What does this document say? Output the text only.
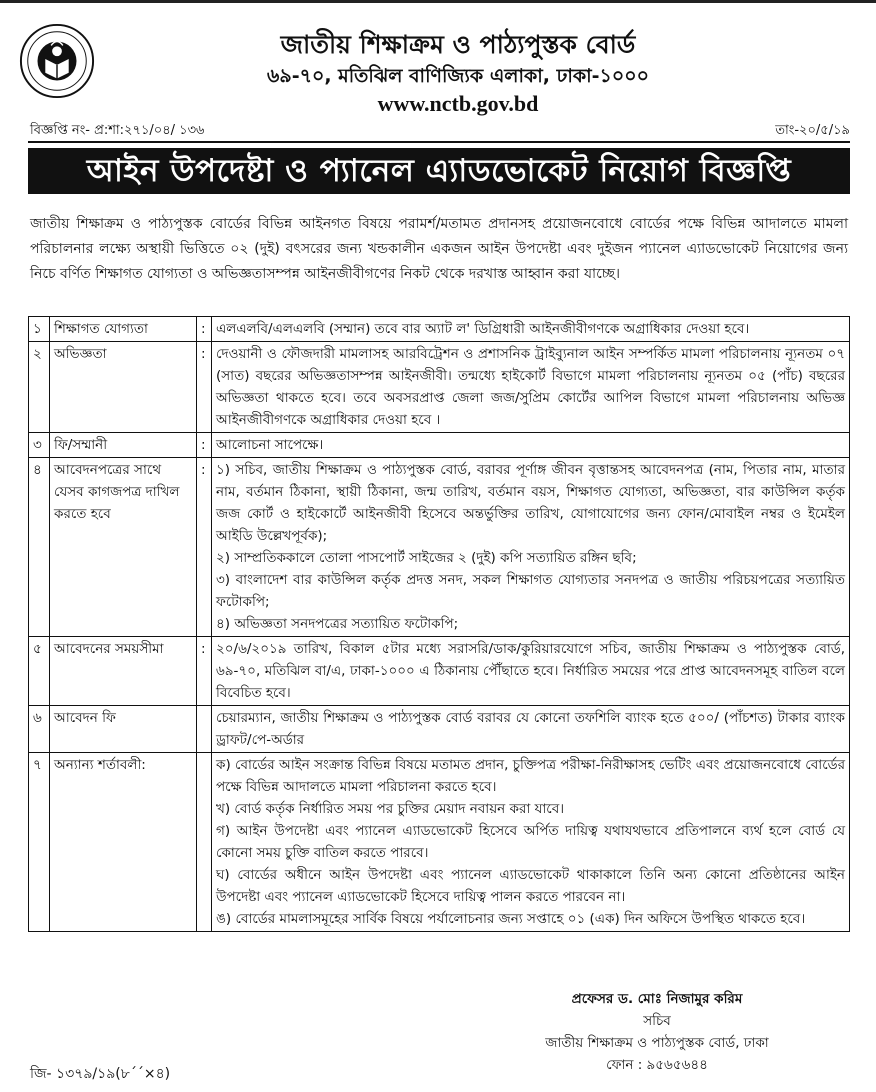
জাতীয় শিক্ষাক্রম ও পাঠ্যপুস্তক বোর্ড
৬৯-৭০, মতিঝিল বাণিজ্যিক এলাকা, ঢাকা-১০০০
www.nctb.gov.bd
বিজ্ঞপ্তি নং- প্র:শা:২৭১/০৪/ ১৩৬	তাং-২০/৫/১৯
আইন উপদেষ্টা ও প্যানেল এ্যাডভোকেট নিয়োগ বিজ্ঞপ্তি
জাতীয় শিক্ষাক্রম ও পাঠ্যপুস্তক বোর্ডের বিভিন্ন আইনগত বিষয়ে পরামর্শ/মতামত প্রদানসহ প্রয়োজনবোধে বোর্ডের পক্ষে বিভিন্ন আদালতে মামলা পরিচালনার লক্ষ্যে অস্থায়ী ভিত্তিতে ০২ (দুই) বৎসরের জন্য খন্ডকালীন একজন আইন উপদেষ্টা এবং দুইজন প্যানেল এ্যাডভোকেট নিয়োগের জন্য নিচে বর্ণিত শিক্ষাগত যোগ্যতা ও অভিজ্ঞতাসম্পন্ন আইনজীবীগণের নিকট থেকে দরখাস্ত আহ্বান করা যাচ্ছে।
১	শিক্ষাগত যোগ্যতা	:	এলএলবি/এলএলবি (সম্মান) তবে বার অ্যাট ল' ডিগ্রিধারী আইনজীবীগণকে অগ্রাধিকার দেওয়া হবে।

২	অভিজ্ঞতা	:	দেওয়ানী ও ফৌজদারী মামলাসহ আরবিট্রেশন ও প্রশাসনিক ট্রাইব্যুনাল আইন সম্পর্কিত মামলা পরিচালনায় ন্যূনতম ০৭ (সাত) বছরের অভিজ্ঞতাসম্পন্ন আইনজীবী। তন্মধ্যে হাইকোর্ট বিভাগে মামলা পরিচালনায় ন্যূনতম ০৫ (পাঁচ) বছরের অভিজ্ঞতা থাকতে হবে। তবে অবসরপ্রাপ্ত জেলা জজ/সুপ্রিম কোর্টের আপিল বিভাগে মামলা পরিচালনায় অভিজ্ঞ আইনজীবীগণকে অগ্রাধিকার দেওয়া হবে ।

৩	ফি/সম্মানী	:	আলোচনা সাপেক্ষে।

৪	আবেদনপত্রের সাথে যেসব কাগজপত্র দাখিল করতে হবে	:	১) সচিব, জাতীয় শিক্ষাক্রম ও পাঠ্যপুস্তক বোর্ড, বরাবর পূর্ণাঙ্গ জীবন বৃত্তান্তসহ আবেদনপত্র (নাম, পিতার নাম, মাতার নাম, বর্তমান ঠিকানা, স্থায়ী ঠিকানা, জন্ম তারিখ, বর্তমান বয়স, শিক্ষাগত যোগ্যতা, অভিজ্ঞতা, বার কাউন্সিল কর্তৃক জজ কোর্ট ও হাইকোর্টে আইনজীবী হিসেবে অন্তর্ভুক্তির তারিখ, যোগাযোগের জন্য ফোন/মোবাইল নম্বর ও ইমেইল আইডি উল্লেখপূর্বক);
২) সাম্প্রতিককালে তোলা পাসপোর্ট সাইজের ২ (দুই) কপি সত্যায়িত রঙ্গিন ছবি;
৩) বাংলাদেশ বার কাউন্সিল কর্তৃক প্রদত্ত সনদ, সকল শিক্ষাগত যোগ্যতার সনদপত্র ও জাতীয় পরিচয়পত্রের সত্যায়িত ফটোকপি;
৪) অভিজ্ঞতা সনদপত্রের সত্যায়িত ফটোকপি;

৫	আবেদনের সময়সীমা	:	২০/৬/২০১৯ তারিখ, বিকাল ৫টার মধ্যে সরাসরি/ডাক/কুরিয়ারযোগে সচিব, জাতীয় শিক্ষাক্রম ও পাঠ্যপুস্তক বোর্ড, ৬৯-৭০, মতিঝিল বা/এ, ঢাকা-১০০০ এ ঠিকানায় পৌঁছাতে হবে। নির্ধারিত সময়ের পরে প্রাপ্ত আবেদনসমূহ বাতিল বলে বিবেচিত হবে।

৬	আবেদন ফি		চেয়ারম্যান, জাতীয় শিক্ষাক্রম ও পাঠ্যপুস্তক বোর্ড বরাবর যে কোনো তফশিলি ব্যাংক হতে ৫০০/ (পাঁচশত) টাকার ব্যাংক ড্রাফট/পে-অর্ডার

৭	অন্যান্য শর্তাবলী:		ক) বোর্ডের আইন সংক্রান্ত বিভিন্ন বিষয়ে মতামত প্রদান, চুক্তিপত্র পরীক্ষা-নিরীক্ষাসহ ভেটিং এবং প্রয়োজনবোধে বোর্ডের পক্ষে বিভিন্ন আদালতে মামলা পরিচালনা করতে হবে।
খ) বোর্ড কর্তৃক নির্ধারিত সময় পর চুক্তির মেয়াদ নবায়ন করা যাবে।
গ) আইন উপদেষ্টা এবং প্যানেল এ্যাডভোকেট হিসেবে অর্পিত দায়িত্ব যথাযথভাবে প্রতিপালনে ব্যর্থ হলে বোর্ড যে কোনো সময় চুক্তি বাতিল করতে পারবে।
ঘ) বোর্ডের অধীনে আইন উপদেষ্টা এবং প্যানেল এ্যাডভোকেট থাকাকালে তিনি অন্য কোনো প্রতিষ্ঠানের আইন উপদেষ্টা এবং প্যানেল এ্যাডভোকেট হিসেবে দায়িত্ব পালন করতে পারবেন না।
ঙ) বোর্ডের মামলাসমূহের সার্বিক বিষয়ে পর্যালোচনার জন্য সপ্তাহে ০১ (এক) দিন অফিসে উপস্থিত থাকতে হবে।
প্রফেসর ড. মোঃ নিজামুর করিম
সচিব
জাতীয় শিক্ষাক্রম ও পাঠ্যপুস্তক বোর্ড, ঢাকা
ফোন : ৯৫৬৫৬৪৪
জি- ১৩৭৯/১৯(৮´´×৪)
